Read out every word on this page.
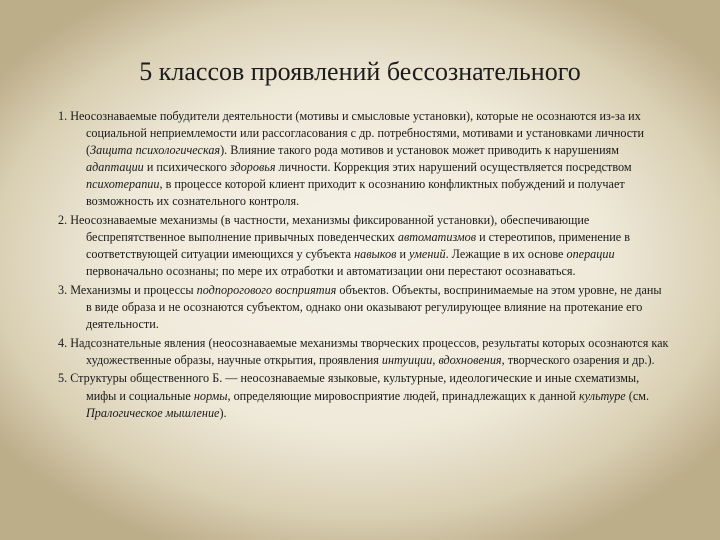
5 классов проявлений бессознательного

1. Неосознаваемые побудители деятельности (мотивы и смысловые установки), которые не осознаются из-за их социальной неприемлемости или рассогласования с др. потребностями, мотивами и установками личности (Защита психологическая). Влияние такого рода мотивов и установок может приводить к нарушениям адаптации и психического здоровья личности. Коррекция этих нарушений осуществляется посредством психотерапии, в процессе которой клиент приходит к осознанию конфликтных побуждений и получает возможность их сознательного контроля.

2. Неосознаваемые механизмы (в частности, механизмы фиксированной установки), обеспечивающие беспрепятственное выполнение привычных поведенческих автоматизмов и стереотипов, применение в соответствующей ситуации имеющихся у субъекта навыков и умений. Лежащие в их основе операции первоначально осознаны; по мере их отработки и автоматизации они перестают осознаваться.

3. Механизмы и процессы подпорогового восприятия объектов. Объекты, воспринимаемые на этом уровне, не даны в виде образа и не осознаются субъектом, однако они оказывают регулирующее влияние на протекание его деятельности.

4. Надсознательные явления (неосознаваемые механизмы творческих процессов, результаты которых осознаются как художественные образы, научные открытия, проявления интуиции, вдохновения, творческого озарения и др.).

5. Структуры общественного Б. — неосознаваемые языковые, культурные, идеологические и иные схематизмы, мифы и социальные нормы, определяющие мировосприятие людей, принадлежащих к данной культуре (см. Пралогическое мышление).
